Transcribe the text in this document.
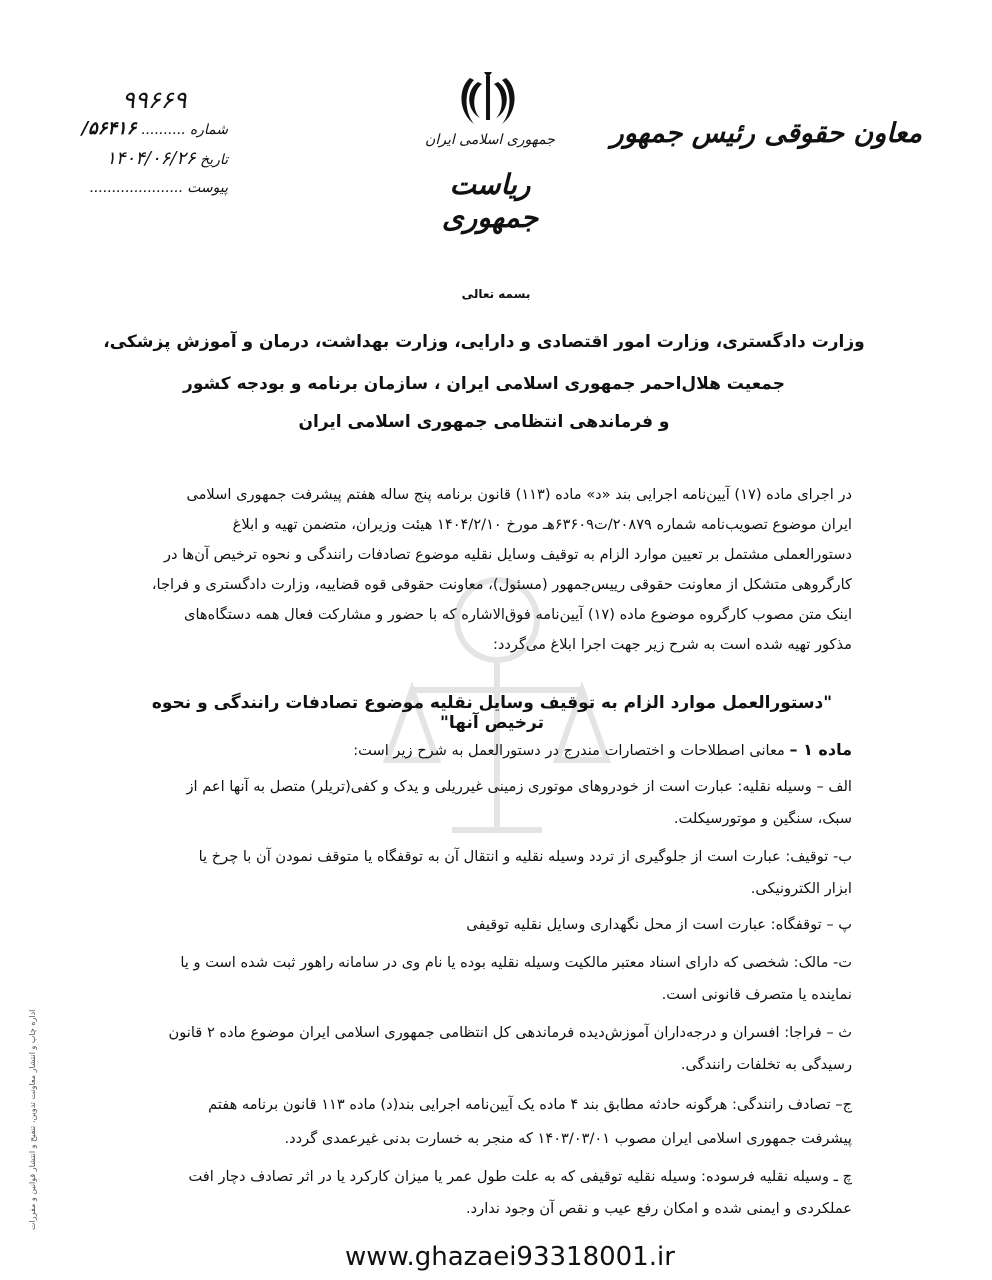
معاون حقوقی رئیس جمهور
جمهوری اسلامی ایران
ریاست جمهوری
۹۹۶۶۹
شماره .......... ۵۶۴۱۶/
تاریخ ۱۴۰۴/۰۶/۲۶
پیوست .....................
بسمه تعالی
وزارت دادگستری، وزارت امور اقتصادی و دارایی، وزارت بهداشت، درمان و آموزش پزشکی،
جمعیت هلال‌احمر جمهوری اسلامی ایران ، سازمان برنامه و بودجه کشور
و فرماندهی انتظامی جمهوری اسلامی ایران
در اجرای ماده (۱۷) آیین‌نامه اجرایی بند «د» ماده (۱۱۳) قانون برنامه پنج ساله هفتم پیشرفت جمهوری اسلامی
ایران موضوع تصویب‌نامه شماره ۲۰۸۷۹/ت۶۳۶۰۹هـ مورخ ۱۴۰۴/۲/۱۰ هیئت وزیران، متضمن تهیه و ابلاغ
دستورالعملی مشتمل بر تعیین موارد الزام به توقیف وسایل نقلیه موضوع تصادفات رانندگی و نحوه ترخیص آن‌ها در
کارگروهی متشکل از معاونت حقوقی رییس‌جمهور (مسئول)، معاونت حقوقی قوه قضاییه، وزارت دادگستری و فراجا،
اینک متن مصوب کارگروه موضوع ماده (۱۷) آیین‌نامه فوق‌الاشاره که با حضور و مشارکت فعال همه دستگاه‌های
مذکور تهیه شده است به شرح زیر جهت اجرا ابلاغ می‌گردد:
"دستورالعمل موارد الزام به توقیف وسایل نقلیه موضوع تصادفات رانندگی و نحوه ترخیص آنها"
ماده ۱ – معانی اصطلاحات و اختصارات مندرج در دستورالعمل به شرح زیر است:
الف – وسیله نقلیه: عبارت است از خودروهای موتوری زمینی غیرریلی و یدک و کفی(تریلر) متصل به آنها اعم از
سبک، سنگین و موتورسیکلت.
ب- توقیف: عبارت است از جلوگیری از تردد وسیله نقلیه و انتقال آن به توقفگاه یا متوقف نمودن آن با چرخ یا
ابزار الکترونیکی.
پ – توقفگاه: عبارت است از محل نگهداری وسایل نقلیه توقیفی
ت- مالک: شخصی که دارای اسناد معتبر مالکیت وسیله نقلیه بوده یا نام وی در سامانه راهور ثبت شده است و یا
نماینده یا متصرف قانونی است.
ث – فراجا: افسران و درجه‌داران آموزش‌دیده فرماندهی کل انتظامی جمهوری اسلامی ایران موضوع ماده ۲ قانون
رسیدگی به تخلفات رانندگی.
ج– تصادف رانندگی: هرگونه حادثه مطابق بند ۴ ماده یک آیین‌نامه اجرایی بند(د) ماده ۱۱۳ قانون برنامه هفتم
پیشرفت جمهوری اسلامی ایران مصوب ۱۴۰۳/۰۳/۰۱ که منجر به خسارت بدنی غیرعمدی گردد.
چ ـ وسیله نقلیه فرسوده: وسیله نقلیه توقیفی که به علت طول عمر یا میزان کارکرد یا در اثر تصادف دچار افت
عملکردی و ایمنی شده و امکان رفع عیب و نقص آن وجود ندارد.
اداره چاپ و انتشار معاونت تدوین، تنقیح و انتشار قوانین و مقررات
www.ghazaei93318001.ir
